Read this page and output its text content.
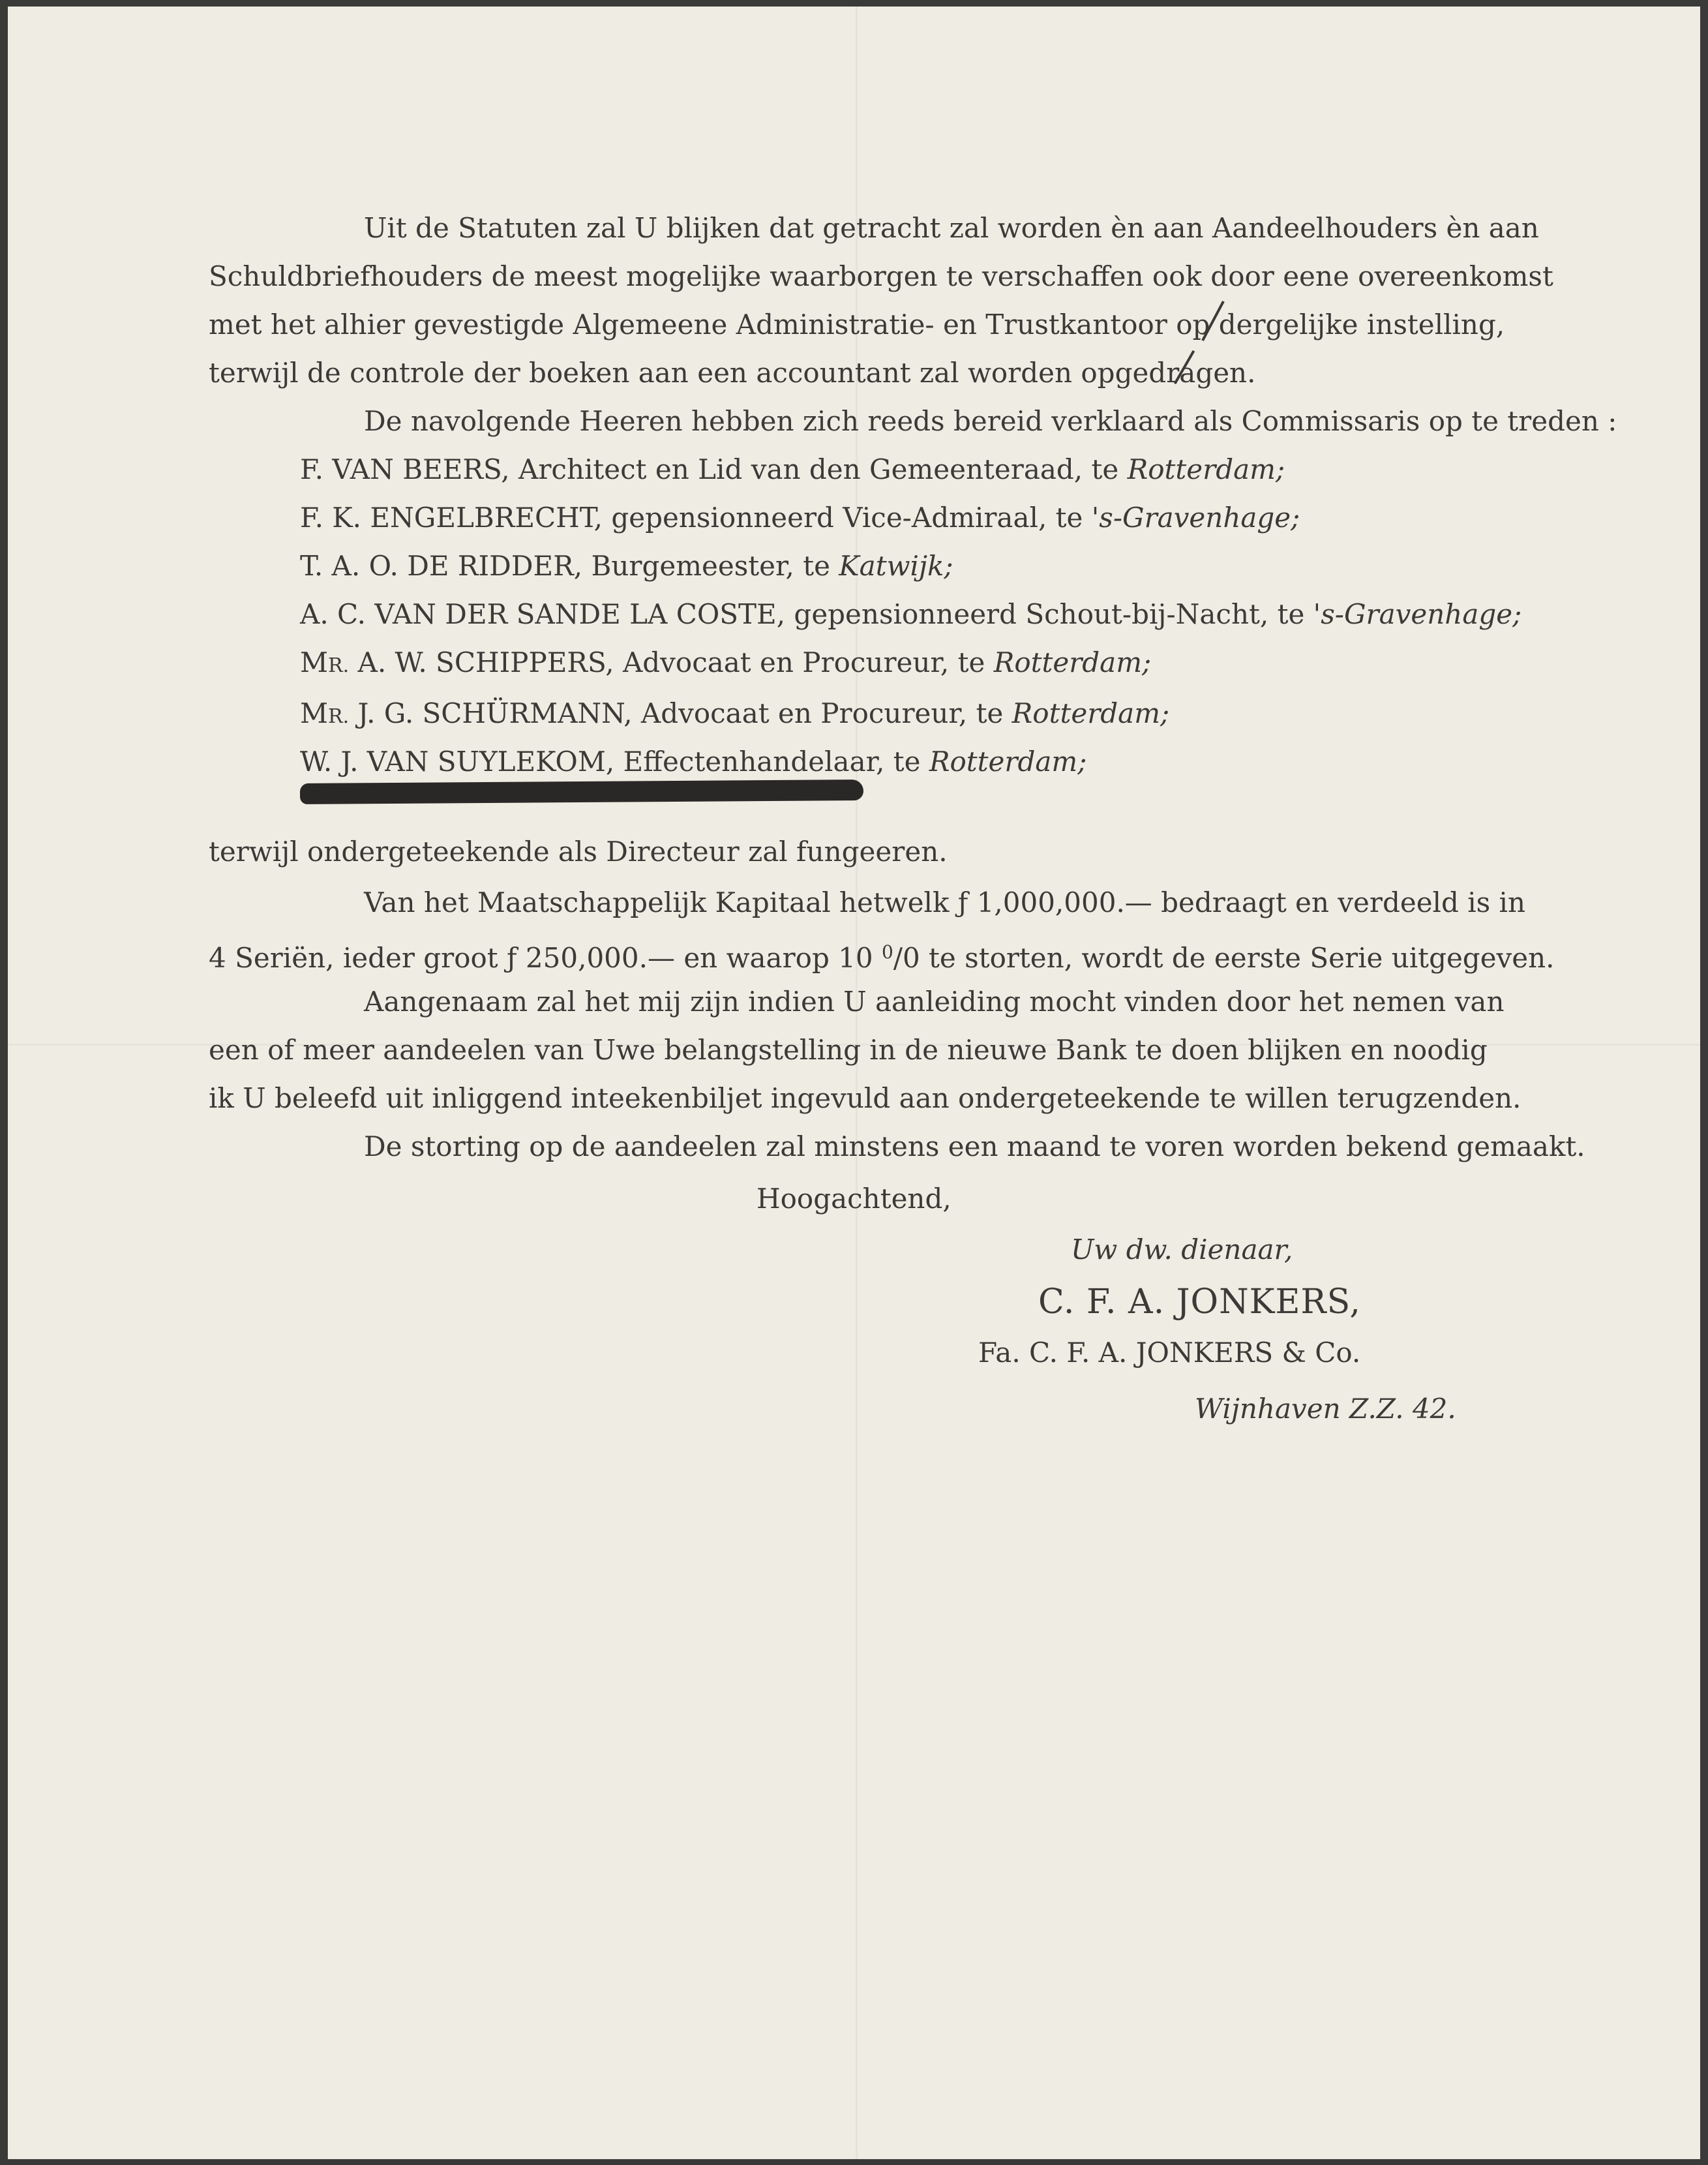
Uit de Statuten zal U blijken dat getracht zal worden èn aan Aandeelhouders èn aan
Schuldbriefhouders de meest mogelijke waarborgen te verschaffen ook door eene overeenkomst
met het alhier gevestigde Algemeene Administratie- en Trustkantoor op dergelijke instelling,
terwijl de controle der boeken aan een accountant zal worden opgedragen.
De navolgende Heeren hebben zich reeds bereid verklaard als Commissaris op te treden :
F. VAN BEERS, Architect en Lid van den Gemeenteraad, te Rotterdam;
F. K. ENGELBRECHT, gepensionneerd Vice-Admiraal, te 's-Gravenhage;
T. A. O. DE RIDDER, Burgemeester, te Katwijk;
A. C. VAN DER SANDE LA COSTE, gepensionneerd Schout-bij-Nacht, te 's-Gravenhage;
MR. A. W. SCHIPPERS, Advocaat en Procureur, te Rotterdam;
MR. J. G. SCHÜRMANN, Advocaat en Procureur, te Rotterdam;
W. J. VAN SUYLEKOM, Effectenhandelaar, te Rotterdam;
terwijl ondergeteekende als Directeur zal fungeeren.
Van het Maatschappelijk Kapitaal hetwelk ƒ 1,000,000.— bedraagt en verdeeld is in
4 Seriën, ieder groot ƒ 250,000.— en waarop 10 $^0$/0 te storten, wordt de eerste Serie uitgegeven.
Aangenaam zal het mij zijn indien U aanleiding mocht vinden door het nemen van
een of meer aandeelen van Uwe belangstelling in de nieuwe Bank te doen blijken en noodig
ik U beleefd uit inliggend inteekenbiljet ingevuld aan ondergeteekende te willen terugzenden.
De storting op de aandeelen zal minstens een maand te voren worden bekend gemaakt.
Hoogachtend,
Uw dw. dienaar,
C. F. A. JONKERS,
Fa. C. F. A. JONKERS & Co.
Wijnhaven Z.Z. 42.
